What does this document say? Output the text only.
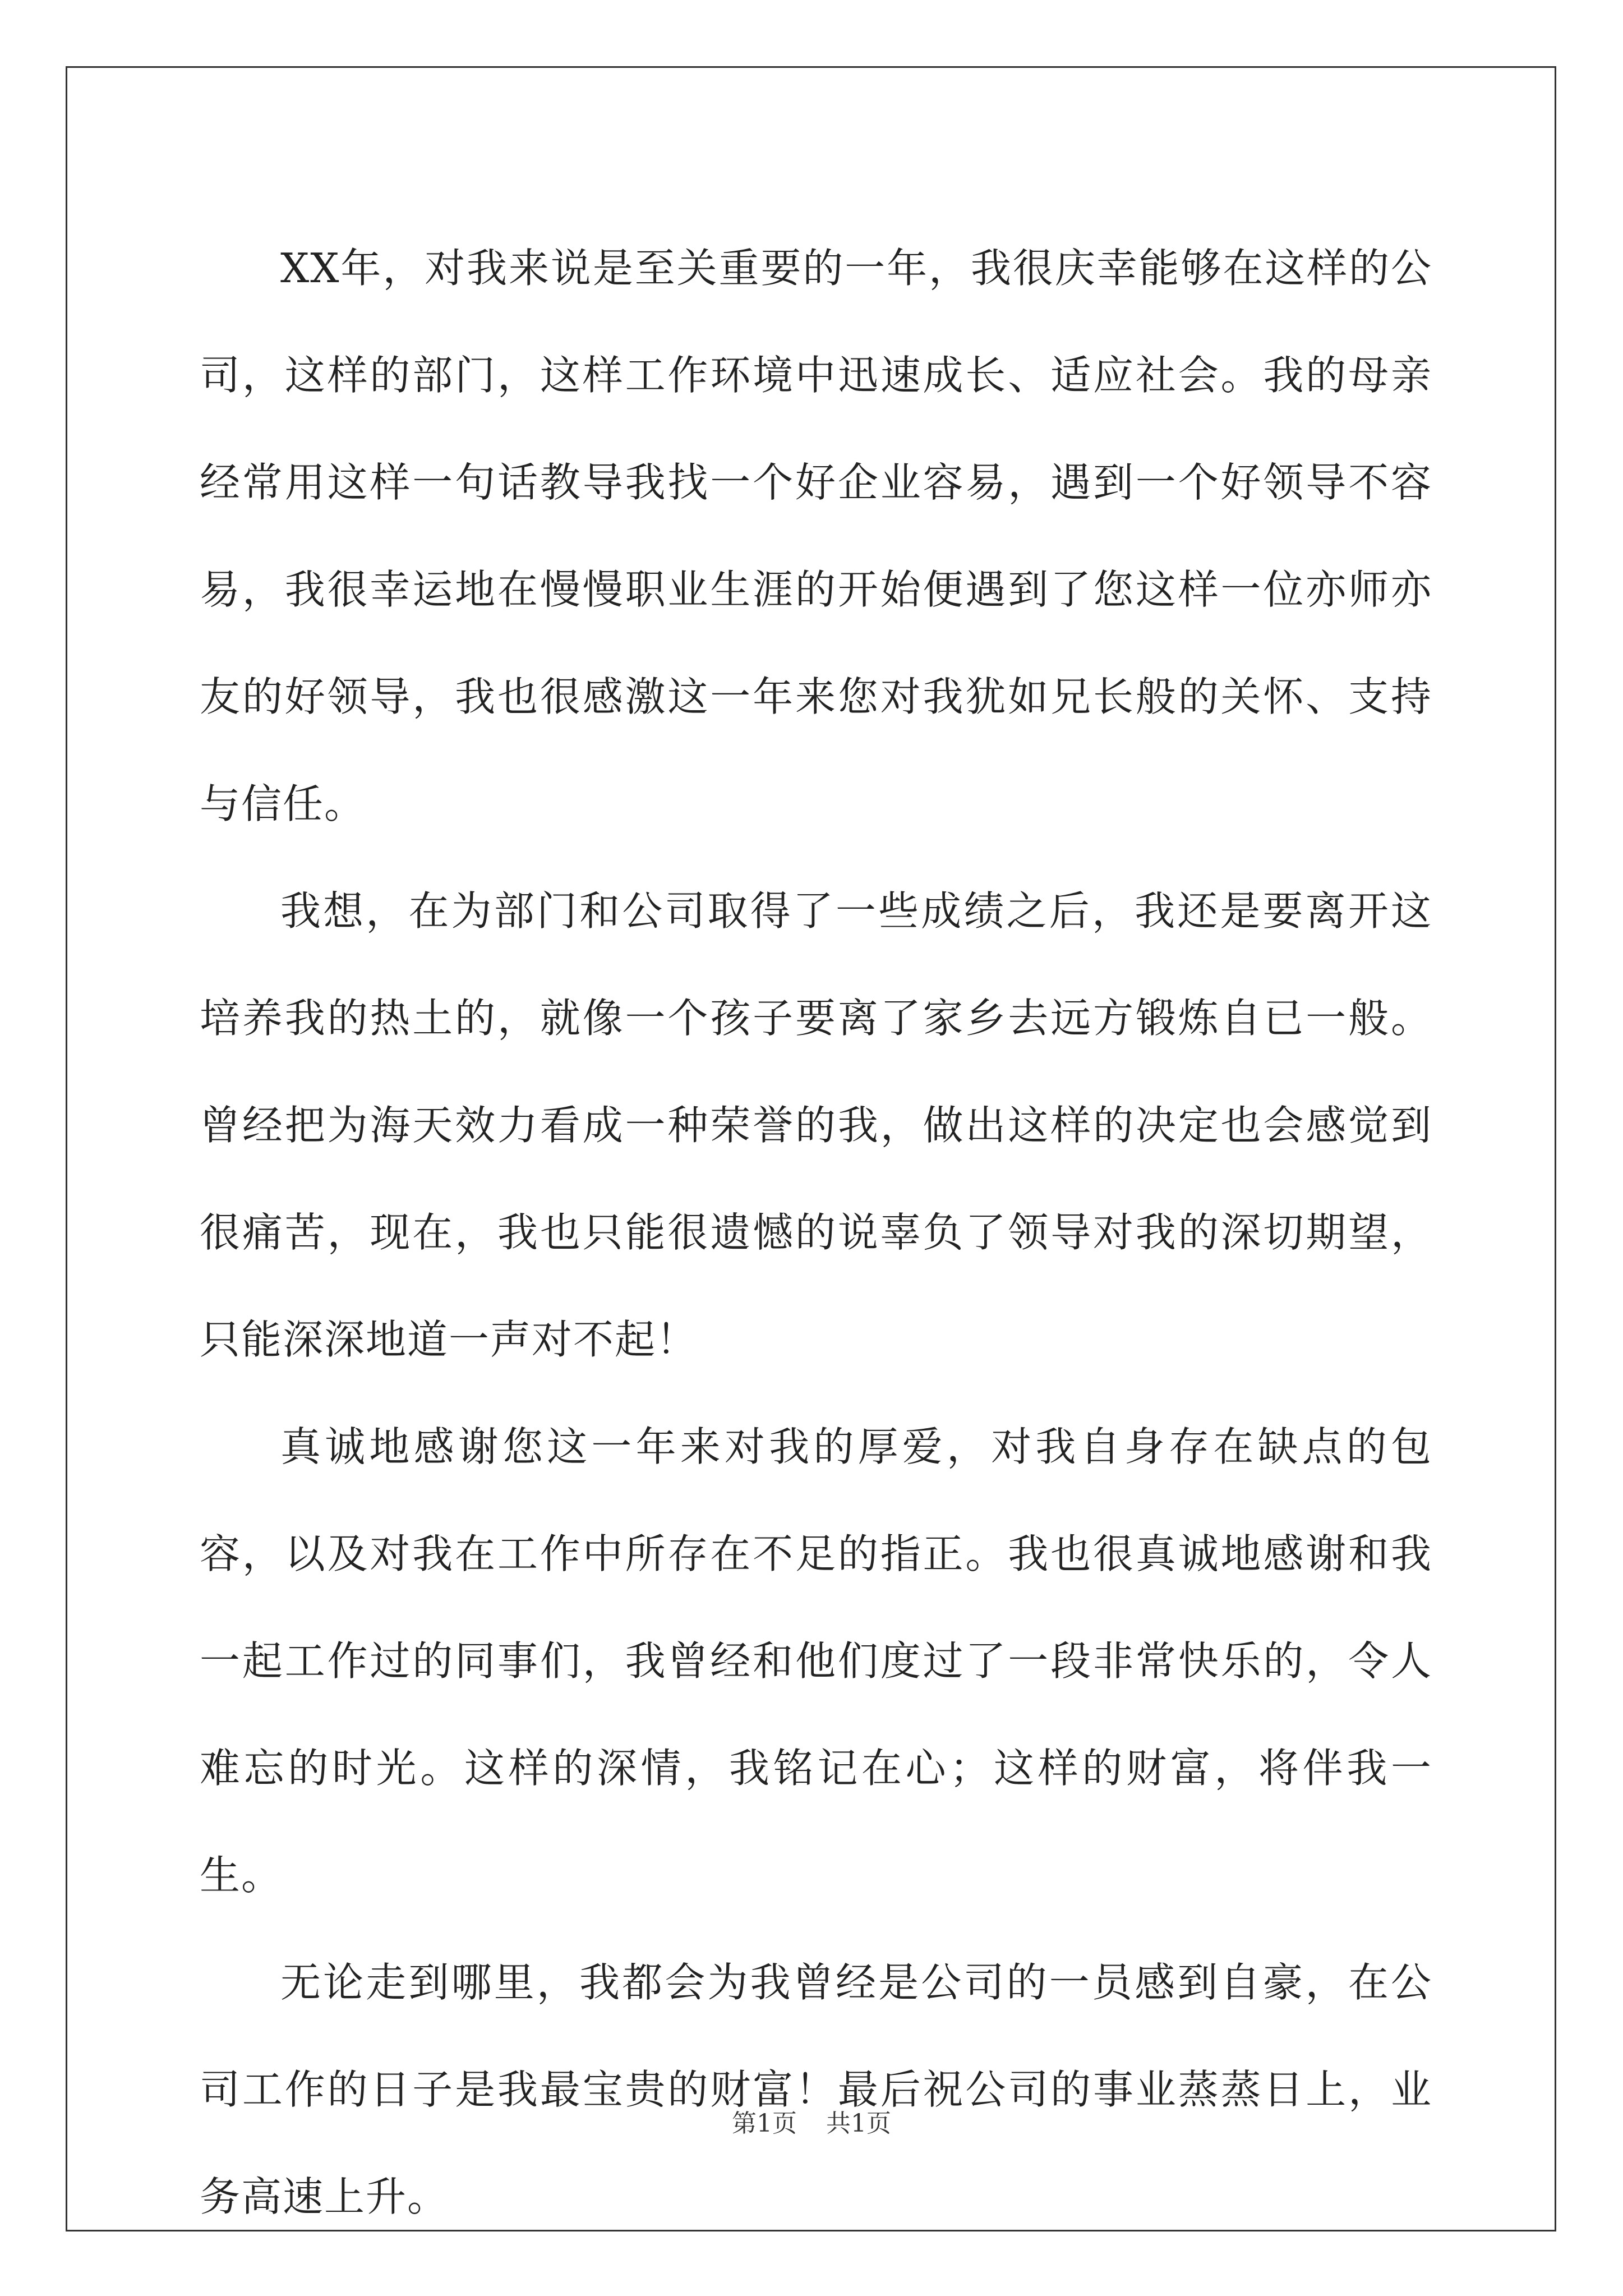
XX年，对我来说是至关重要的一年，我很庆幸能够在这样的公司，这样的部门，这样工作环境中迅速成长、适应社会。我的母亲经常用这样一句话教导我找一个好企业容易，遇到一个好领导不容易，我很幸运地在慢慢职业生涯的开始便遇到了您这样一位亦师亦友的好领导，我也很感激这一年来您对我犹如兄长般的关怀、支持与信任。

我想，在为部门和公司取得了一些成绩之后，我还是要离开这培养我的热土的，就像一个孩子要离了家乡去远方锻炼自已一般。曾经把为海天效力看成一种荣誉的我，做出这样的决定也会感觉到很痛苦，现在，我也只能很遗憾的说辜负了领导对我的深切期望，只能深深地道一声对不起！

真诚地感谢您这一年来对我的厚爱，对我自身存在缺点的包容，以及对我在工作中所存在不足的指正。我也很真诚地感谢和我一起工作过的同事们，我曾经和他们度过了一段非常快乐的，令人难忘的时光。这样的深情，我铭记在心；这样的财富，将伴我一生。

无论走到哪里，我都会为我曾经是公司的一员感到自豪，在公司工作的日子是我最宝贵的财富！最后祝公司的事业蒸蒸日上，业务高速上升。

第1页 共1页
